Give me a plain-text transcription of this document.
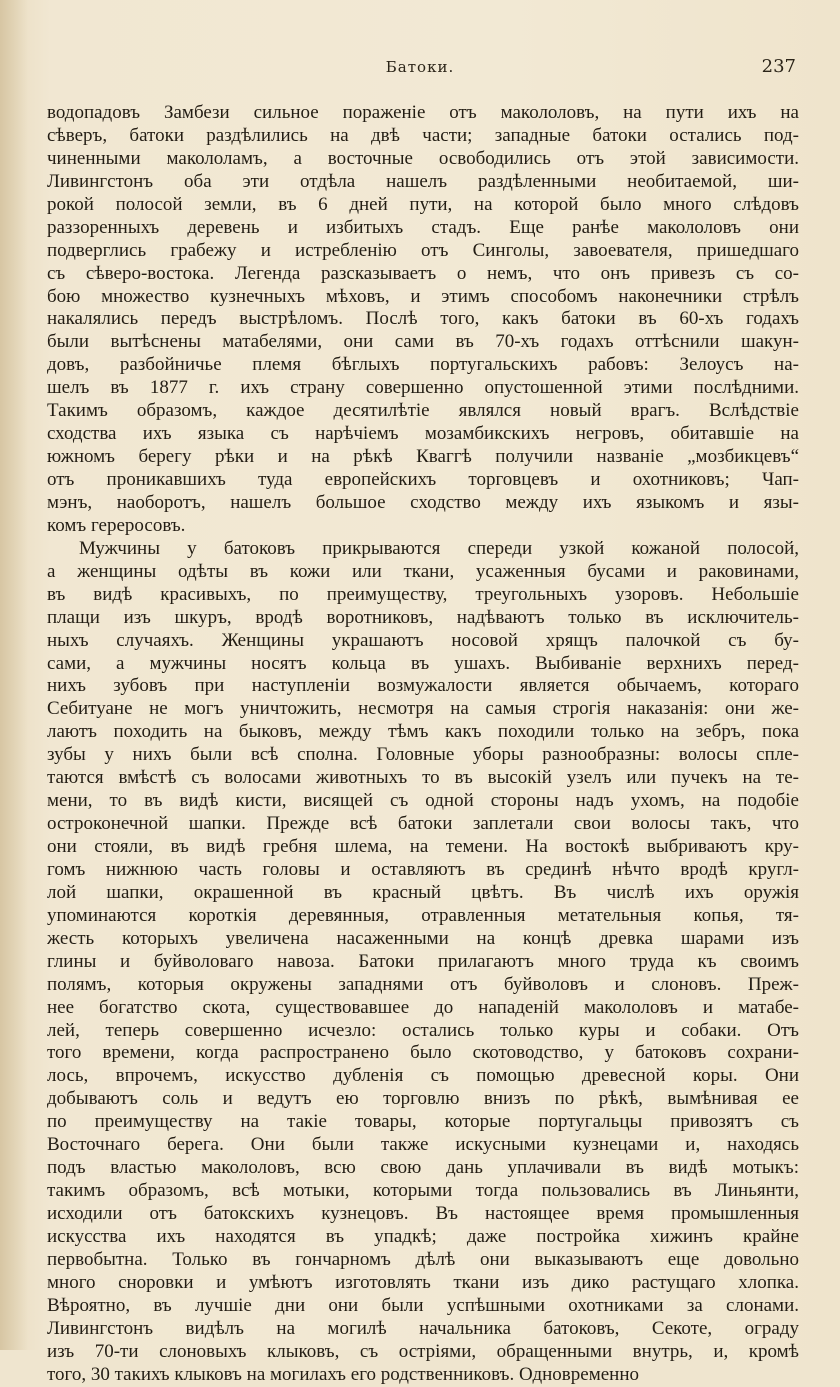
Батоки.	237
водопадовъ Замбези сильное пораженіе отъ макололовъ, на пути ихъ на
сѣверъ, батоки раздѣлились на двѣ части; западные батоки остались под-
чиненными макололамъ, а восточные освободились отъ этой зависимости.
Ливингстонъ оба эти отдѣла нашелъ раздѣленными необитаемой, ши-
рокой полосой земли, въ 6 дней пути, на которой было много слѣдовъ
раззоренныхъ деревень и избитыхъ стадъ. Еще ранѣе макололовъ они
подверглись грабежу и истребленію отъ Синголы, завоевателя, пришедшаго
съ сѣверо-востока. Легенда разсказываетъ о немъ, что онъ привезъ съ со-
бою множество кузнечныхъ мѣховъ, и этимъ способомъ наконечники стрѣлъ
накалялись передъ выстрѣломъ. Послѣ того, какъ батоки въ 60-хъ годахъ
были вытѣснены матабелями, они сами въ 70-хъ годахъ оттѣснили шакун-
довъ, разбойничье племя бѣглыхъ португальскихъ рабовъ: Зелоусъ на-
шелъ въ 1877 г. ихъ страну совершенно опустошенной этими послѣдними.
Такимъ образомъ, каждое десятилѣтіе являлся новый врагъ. Вслѣдствіе
сходства ихъ языка съ нарѣчіемъ мозамбикскихъ негровъ, обитавшіе на
южномъ берегу рѣки и на рѣкѣ Кваггѣ получили названіе „мозбикцевъ“
отъ проникавшихъ туда европейскихъ торговцевъ и охотниковъ; Чап-
мэнъ, наоборотъ, нашелъ большое сходство между ихъ языкомъ и язы-
комъ гереросовъ.
Мужчины у батоковъ прикрываются спереди узкой кожаной полосой,
а женщины одѣты въ кожи или ткани, усаженныя бусами и раковинами,
въ видѣ красивыхъ, по преимуществу, треугольныхъ узоровъ. Небольшіе
плащи изъ шкуръ, вродѣ воротниковъ, надѣваютъ только въ исключитель-
ныхъ случаяхъ. Женщины украшаютъ носовой хрящъ палочкой съ бу-
сами, а мужчины носятъ кольца въ ушахъ. Выбиваніе верхнихъ перед-
нихъ зубовъ при наступленіи возмужалости является обычаемъ, котораго
Себитуане не могъ уничтожить, несмотря на самыя строгія наказанія: они же-
лаютъ походить на быковъ, между тѣмъ какъ походили только на зебръ, пока
зубы у нихъ были всѣ сполна. Головные уборы разнообразны: волосы спле-
таются вмѣстѣ съ волосами животныхъ то въ высокій узелъ или пучекъ на те-
мени, то въ видѣ кисти, висящей съ одной стороны надъ ухомъ, на подобіе
остроконечной шапки. Прежде всѣ батоки заплетали свои волосы такъ, что
они стояли, въ видѣ гребня шлема, на темени. На востокѣ выбриваютъ кру-
гомъ нижнюю часть головы и оставляютъ въ срединѣ нѣчто вродѣ кругл-
лой шапки, окрашенной въ красный цвѣтъ. Въ числѣ ихъ оружія
упоминаются короткія деревянныя, отравленныя метательныя копья, тя-
жесть которыхъ увеличена насаженными на концѣ древка шарами изъ
глины и буйволоваго навоза. Батоки прилагаютъ много труда къ своимъ
полямъ, которыя окружены западнями отъ буйволовъ и слоновъ. Преж-
нее богатство скота, существовавшее до нападеній макололовъ и матабе-
лей, теперь совершенно исчезло: остались только куры и собаки. Отъ
того времени, когда распространено было скотоводство, у батоковъ сохрани-
лось, впрочемъ, искусство дубленія съ помощью древесной коры. Они
добываютъ соль и ведутъ ею торговлю внизъ по рѣкѣ, вымѣнивая ее
по преимуществу на такіе товары, которые португальцы привозятъ съ
Восточнаго берега. Они были также искусными кузнецами и, находясь
подъ властью макололовъ, всю свою дань уплачивали въ видѣ мотыкъ:
такимъ образомъ, всѣ мотыки, которыми тогда пользовались въ Линьянти,
исходили отъ батокскихъ кузнецовъ. Въ настоящее время промышленныя
искусства ихъ находятся въ упадкѣ; даже постройка хижинъ крайне
первобытна. Только въ гончарномъ дѣлѣ они выказываютъ еще довольно
много сноровки и умѣютъ изготовлять ткани изъ дико растущаго хлопка.
Вѣроятно, въ лучшіе дни они были успѣшными охотниками за слонами.
Ливингстонъ видѣлъ на могилѣ начальника батоковъ, Секоте, ограду
изъ 70-ти слоновыхъ клыковъ, съ остріями, обращенными внутрь, и, кромѣ
того, 30 такихъ клыковъ на могилахъ его родственниковъ. Одновременно
